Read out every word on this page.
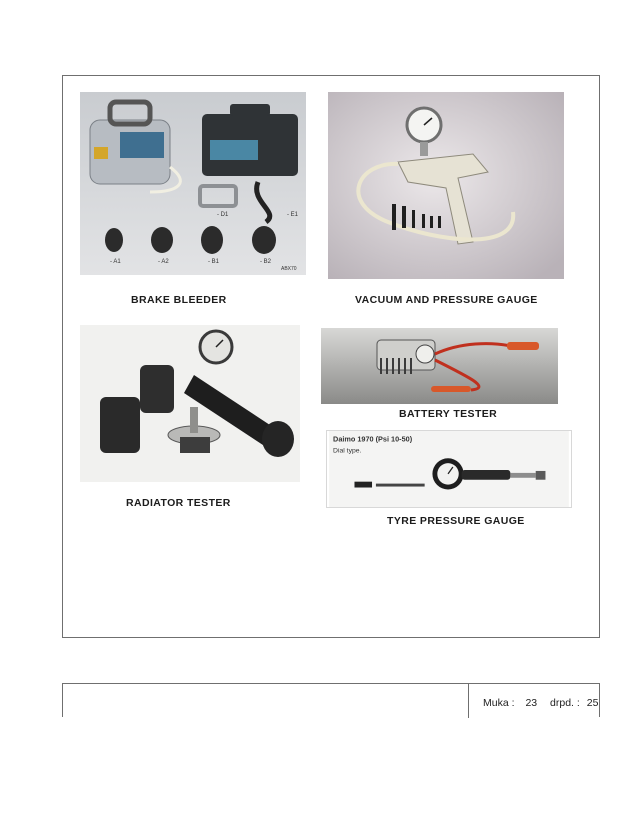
- D1	- E1
- A1	- A2	- B1	- B2
ABX70
BRAKE BLEEDER	VACUUM AND PRESSURE GAUGE
RADIATOR TESTER
BATTERY TESTER
Daimo 1970 (Psi 10-50)
Dial type.
TYRE PRESSURE GAUGE
Muka : 23 drpd. : 25
